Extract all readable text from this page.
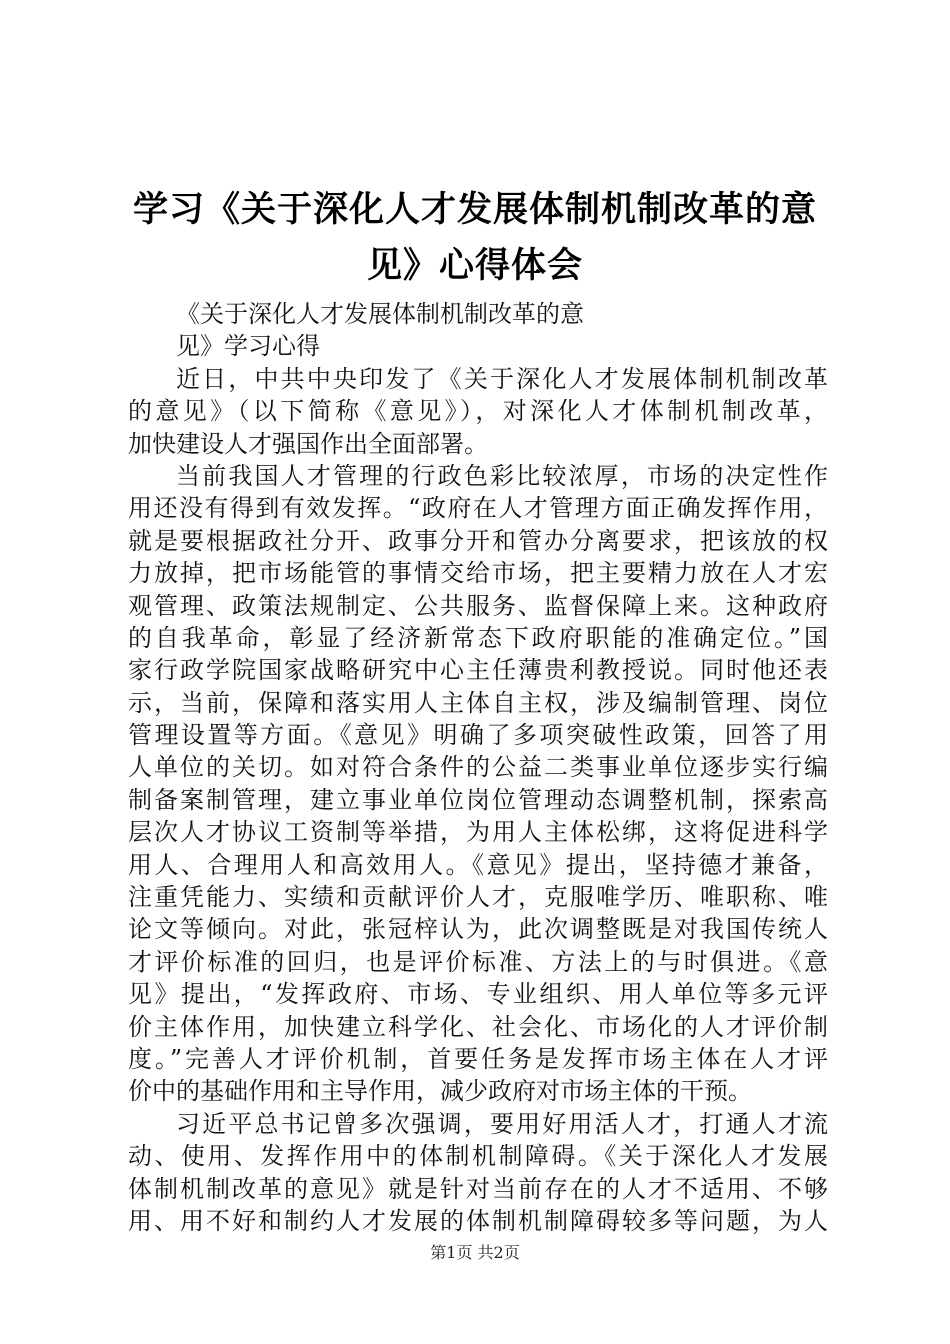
学习《关于深化人才发展体制机制改革的意
见》心得体会
《关于深化人才发展体制机制改革的意
见》学习心得
近日，中共中央印发了《关于深化人才发展体制机制改革
的意见》（以下简称《意见》），对深化人才体制机制改革，
加快建设人才强国作出全面部署。
当前我国人才管理的行政色彩比较浓厚，市场的决定性作
用还没有得到有效发挥。“政府在人才管理方面正确发挥作用，
就是要根据政社分开、政事分开和管办分离要求，把该放的权
力放掉，把市场能管的事情交给市场，把主要精力放在人才宏
观管理、政策法规制定、公共服务、监督保障上来。这种政府
的自我革命，彰显了经济新常态下政府职能的准确定位。”国
家行政学院国家战略研究中心主任薄贵利教授说。同时他还表
示，当前，保障和落实用人主体自主权，涉及编制管理、岗位
管理设置等方面。《意见》明确了多项突破性政策，回答了用
人单位的关切。如对符合条件的公益二类事业单位逐步实行编
制备案制管理，建立事业单位岗位管理动态调整机制，探索高
层次人才协议工资制等举措，为用人主体松绑，这将促进科学
用人、合理用人和高效用人。《意见》提出，坚持德才兼备，
注重凭能力、实绩和贡献评价人才，克服唯学历、唯职称、唯
论文等倾向。对此，张冠梓认为，此次调整既是对我国传统人
才评价标准的回归，也是评价标准、方法上的与时俱进。《意
见》提出，“发挥政府、市场、专业组织、用人单位等多元评
价主体作用，加快建立科学化、社会化、市场化的人才评价制
度。”完善人才评价机制，首要任务是发挥市场主体在人才评
价中的基础作用和主导作用，减少政府对市场主体的干预。
习近平总书记曾多次强调，要用好用活人才，打通人才流
动、使用、发挥作用中的体制机制障碍。《关于深化人才发展
体制机制改革的意见》就是针对当前存在的人才不适用、不够
用、用不好和制约人才发展的体制机制障碍较多等问题，为人
第1页 共2页
